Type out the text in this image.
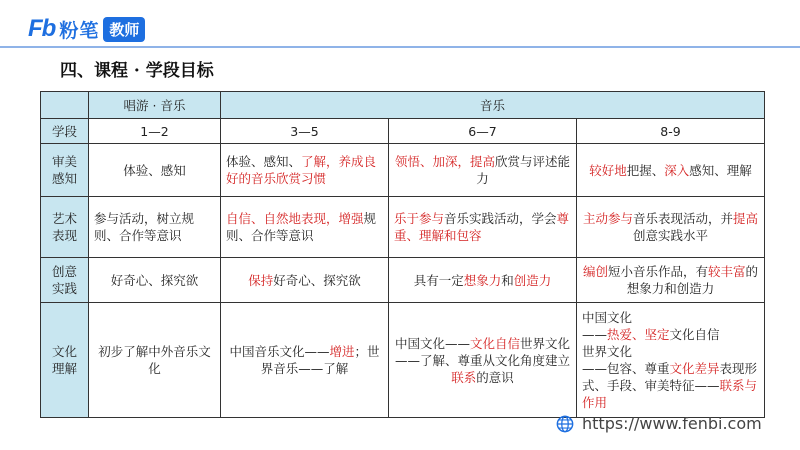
Fb 粉笔 教师
四、课程 · 学段目标
	唱游 · 音乐	音乐		
学段	1—2	3—5	6—7	8-9
审美感知	体验、感知	体验、感知、了解，养成良好的音乐欣赏习惯	领悟、加深，提高欣赏与评述能力	较好地把握、深入感知、理解
艺术表现	参与活动，树立规则、合作等意识	自信、自然地表现，增强规则、合作等意识	乐于参与音乐实践活动，学会尊重、理解和包容	主动参与音乐表现活动，并提高创意实践水平
创意实践	好奇心、探究欲	保持好奇心、探究欲	具有一定想象力和创造力	编创短小音乐作品，有较丰富的想象力和创造力
文化理解	初步了解中外音乐文化	中国音乐文化——增进；世界音乐——了解	中国文化——文化自信世界文化——了解、尊重从文化角度建立联系的意识	中国文化
——热爱、坚定文化自信
世界文化
——包容、尊重文化差异表现形式、手段、审美特征——联系与作用
https://www.fenbi.com
